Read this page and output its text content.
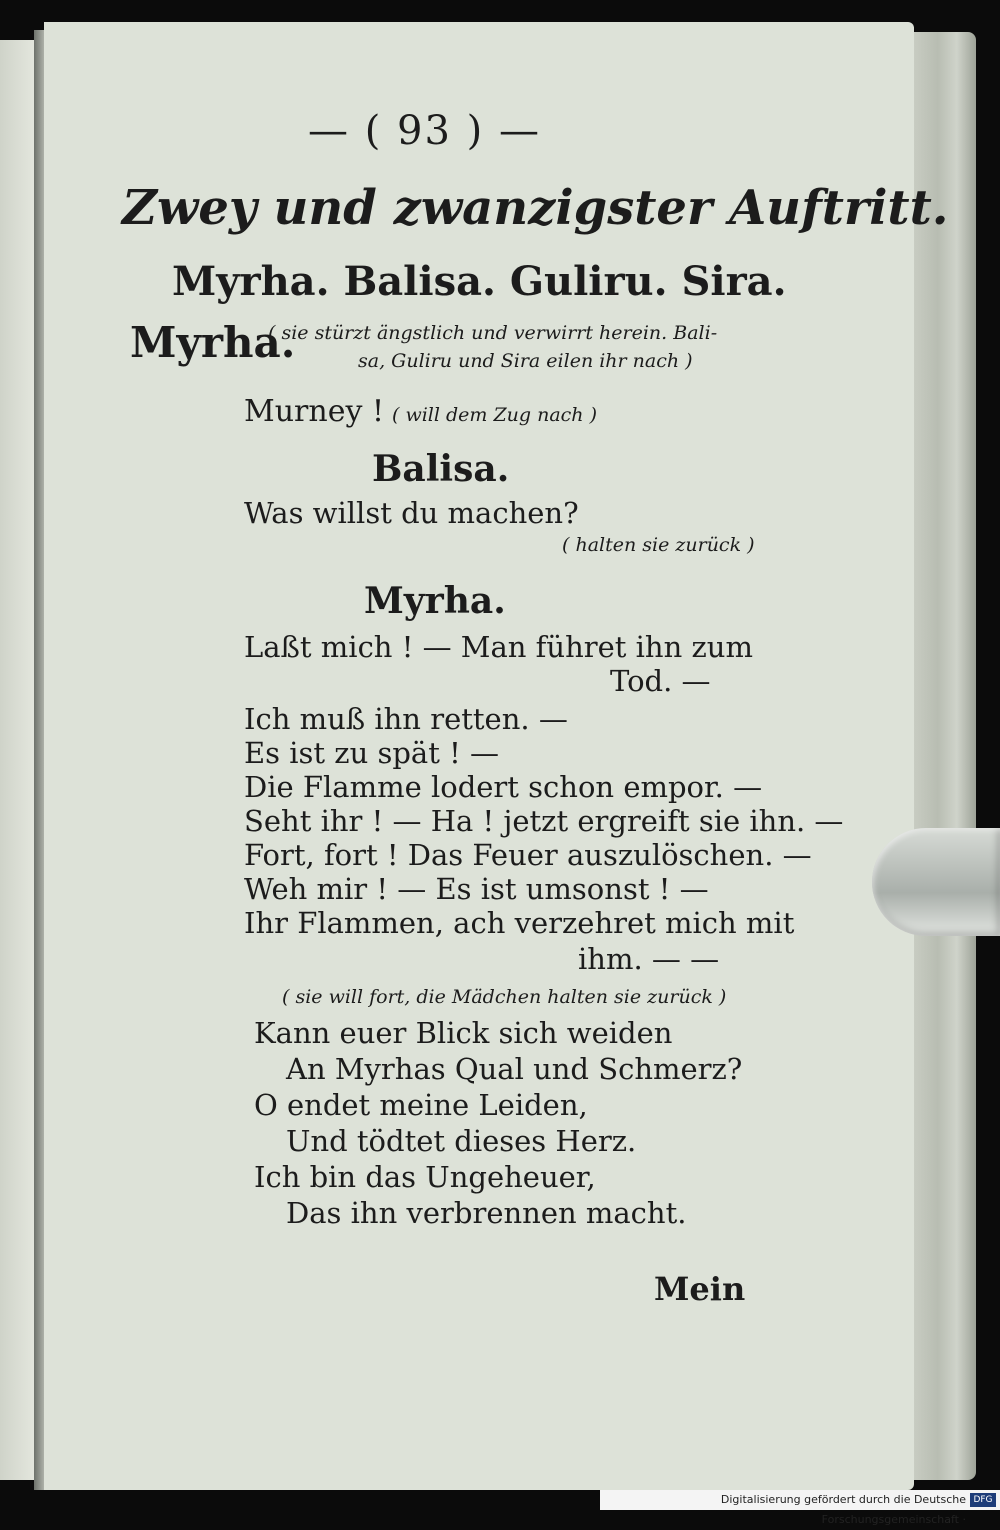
— ( 93 ) —
Zwey und zwanzigster Auftritt.
Myrha. Balisa. Guliru. Sira.
Myrha.
( sie stürzt ängstlich und verwirrt herein. Bali-
sa, Guliru und Sira eilen ihr nach )
Murney ! ( will dem Zug nach )
Balisa.
Was willst du machen?
( halten sie zurück )
Myrha.
Laßt mich ! — Man führet ihn zum
Tod. —
Ich muß ihn retten. —
Es ist zu spät ! —
Die Flamme lodert schon empor. —
Seht ihr ! — Ha ! jetzt ergreift sie ihn. —
Fort, fort ! Das Feuer auszulöschen. —
Weh mir ! — Es ist umsonst ! —
Ihr Flammen, ach verzehret mich mit
ihm. — —
( sie will fort, die Mädchen halten sie zurück )
Kann euer Blick sich weiden
An Myrhas Qual und Schmerz?
O endet meine Leiden,
Und tödtet dieses Herz.
Ich bin das Ungeheuer,
Das ihn verbrennen macht.
Mein
Digitalisierung gefördert durch die Deutsche Forschungsgemeinschaft ·
DFG
